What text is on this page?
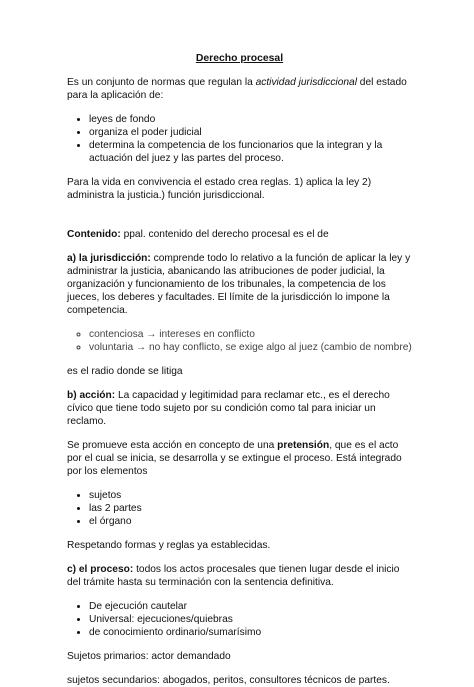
Derecho procesal

Es un conjunto de normas que regulan la actividad jurisdiccional del estado para la aplicación de:

• leyes de fondo
• organiza el poder judicial
• determina la competencia de los funcionarios que la integran y la actuación del juez y las partes del proceso.

Para la vida en convivencia el estado crea reglas. 1) aplica la ley 2) administra la justicia.) función jurisdiccional.

Contenido: ppal. contenido del derecho procesal es el de

a) la jurisdicción: comprende todo lo relativo a la función de aplicar la ley y administrar la justicia, abanicando las atribuciones de poder judicial, la organización y funcionamiento de los tribunales, la competencia de los jueces, los deberes y facultades. El límite de la jurisdicción lo impone la competencia.

◦ contenciosa → intereses en conflicto
◦ voluntaria → no hay conflicto, se exige algo al juez (cambio de nombre)

es el radio donde se litiga

b) acción: La capacidad y legitimidad para reclamar etc., es el derecho cívico que tiene todo sujeto por su condición como tal para iniciar un reclamo.

Se promueve esta acción en concepto de una pretensión, que es el acto por el cual se inicia, se desarrolla y se extingue el proceso. Está integrado por los elementos

• sujetos
• las 2 partes
• el órgano

Respetando formas y reglas ya establecidas.

c) el proceso: todos los actos procesales que tienen lugar desde el inicio del trámite hasta su terminación con la sentencia definitiva.

• De ejecución cautelar
• Universal: ejecuciones/quiebras
• de conocimiento ordinario/sumarísimo

Sujetos primarios: actor demandado

sujetos secundarios: abogados, peritos, consultores técnicos de partes.
